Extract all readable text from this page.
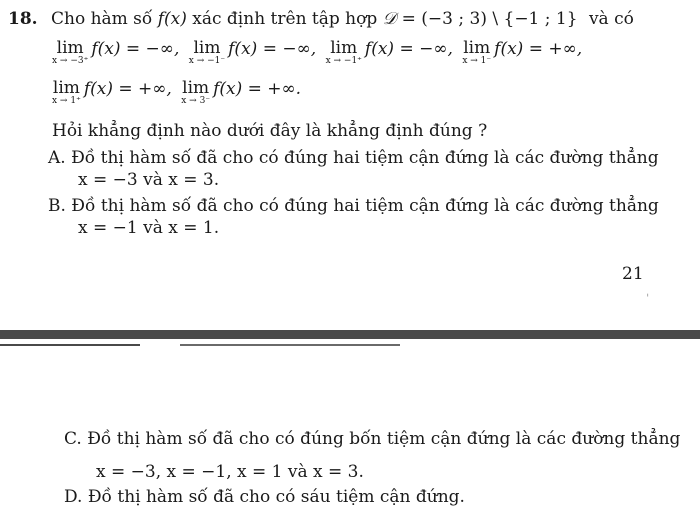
18. Cho hàm số f(x) xác định trên tập hợp 𝒟 = (−3 ; 3) \ {−1 ; 1} và có
lim
x → −3⁺
f(x) = −∞, lim
x → −1⁻
f(x) = −∞, lim
x → −1⁺
f(x) = −∞, lim
x → 1⁻
f(x) = +∞,
lim
x → 1⁺
f(x) = +∞, lim
x → 3⁻
f(x) = +∞.
Hỏi khẳng định nào dưới đây là khẳng định đúng ?
A. Đồ thị hàm số đã cho có đúng hai tiệm cận đứng là các đường thẳng
x = −3 và x = 3.
B. Đồ thị hàm số đã cho có đúng hai tiệm cận đứng là các đường thẳng
x = −1 và x = 1.
21
ˈ
C. Đồ thị hàm số đã cho có đúng bốn tiệm cận đứng là các đường thẳng
x = −3, x = −1, x = 1 và x = 3.
D. Đồ thị hàm số đã cho có sáu tiệm cận đứng.
